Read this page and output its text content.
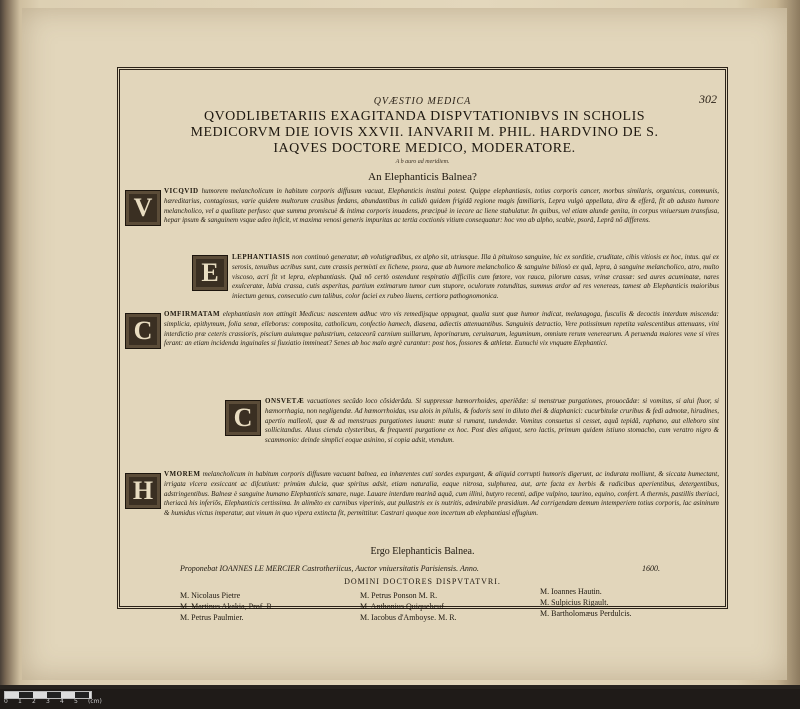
QVÆSTIO MEDICA	302
QVODLIBETARIIS EXAGITANDA DISPVTATIONIBVS IN SCHOLIS
MEDICORVM DIE IOVIS XXVII. IANVARII M. PHIL. HARDVINO DE S.
IAQVES DOCTORE MEDICO, MODERATORE.
A b auro ad meridiem.
An Elephanticis Balnea?
V
VICQVID humorem melancholicum in habitum corporis diffusum vacuat, Elephanticis institui potest. Quippe elephantiasis, totius corporis cancer, morbus similaris, organicus, communis, hæreditarius, contagiosus, varie quidem multorum crasibus fœdans, abundantibus in calidò quidem frigidâ regione magis familiaris, Lepra vulgò appellata, dira & efferâ, fit ab adusto humore melancholico, vel a qualitate perfuso: quæ summa promiscuè & intima corporis inuadens, præcipuè in iecore ac liene stabulatur. In quibus, vel etiam alunde genita, in corpus vniuersum transfusa, hepar ipsum & sanguinem vsque adeo inficit, vt maxima venosi generis impuritas ac tertia coctionis vitium consequatur: hoc vno ab alpho, scabie, psorâ, Leprâ nõ differens.
E
LEPHANTIASIS non continuò generatur, ab volutigradibus, ex alpho sit, utriusque. Illa à pituitoso sanguine, hic ex sorditie, cruditate, cibis vitiosis ex hoc, intus. qui ex serosis, tenuibus acribus sunt, cum crassis permixti ex lichene, psora, quæ ab humore melancholico & sanguine biliosò ex quâ, lepra, à sanguine melancholico, atro, multo viscoso, acri fit vt lepra, elephantiasis. Quâ nõ certò ostendunt respiratio difficilis cum fœtore, vox rauca, pilorum casus, vrinæ crassæ: sed aures acuminatæ, nares exulceratæ, labia crassa, cutis asperitas, partium extimarum tumor cum stupore, oculorum rotunditas, summus ardor ad res venereas, tamest ab Elephanticis maioribus iniectum genus, consecutio cum talibus, color faciei ex rubeo liuens, certiora pathognomonica.
C
OMFIRMATAM elephantiasin non attingit Medicus: nascentem adhuc vtro vis remedijsque oppugnat, qualia sunt quæ humor indicat, melanagoga, fusculis & decoctis interdum miscenda: simplicia, epithymum, folia senæ, elleborus: composita, catholicum, confectio hamech, diasena, adiectis attenuantibus. Sanguinis detractio, Vere potissimum repetita valescentibus attenuans, vini interdictio præ ceteris crassioris, piscium auiumque palustrium, cetaceorũ carnium suillarum, leporinarum, ceruinarum, leguminum, omnium rerum venerearum. A peruenda maiores vene si vires ferant: an etiam incidenda inguinales si fiuxiatio immineat? Senes ab hoc malo ægrè curantur: post hos, fossores & athletæ. Eunuchi vix vnquam Elephantici.
C
ONSVETÆ vacuationes secũdo loco cõsiderãda. Si suppressæ hæmorrhoides, aperiẽdæ: si menstruæ purgationes, prouocãdæ: si vomitus, si alui fluor, si hæmorrhagia, non negligendæ. Ad hæmorrhoidas, vsu alois in pilulis, & fodoris seni in diluto thei & diaphanici: cucurbitulæ cruribus & fedi admotæ, hirudines, apertio malleoli, quæ & ad menstruas purgationes iuuant: mutæ si rumant, tundendæ. Vomitus consuetus si cesset, aquâ tepidâ, raphano, aut elleboro sint sollicitandus. Aluus cienda clysteribus, & frequenti purgatione ex hoc. Post dies aliquot, sero lactis, primum quidem istiuno stomacho, cum veratro nigro & scammonio: deinde simplici eoque asinino, si copia adsit, vtendum.
H
VMOREM melancholicum in habitum corporis diffusum vacuant balnea, ea inhærentes cuti sordes expurgant, & aliquid corrupti humoris digerunt, ac indurata molliunt, & siccata humectant, irrigata vlcera exsiccant ac difcutiunt: primùm dulcia, quæ spiritus adsit, etiam naturalia, eaque nitrosa, sulphurea, aut, arte facta ex herbis & radicibus aperientibus, detergentibus, adstringentibus. Balneæ è sanguine humano Elephanticis sanare, nuge. Lauare interdum marinâ aquâ, cum illini, butyro recenti, adipe vulpino, taurino, equino, confert. A thermis, pastillis theriaci, theriacà his inferiõs, Elephanticis certissima. In alimẽto ex carnibus viperinis, aut pullastris ex is nutritis, admirabile præsidium. Ad corrigendam demum intemperiem totius corporis, lac asininum & humidus victus imperatur, aut vinum in quo vipera extincta fit, permittitur. Castrari quoque non incertum ab elephantiasi effugium.
Ergo Elephanticis Balnea.
Proponebat IOANNES LE MERCIER Castrotheriicus, Auctor vniuersitatis Parisiensis. Anno.	1600.
DOMINI DOCTORES DISPVTATVRI.
M. Nicolaus Pietre
M. Martinus Akakia, Prof. R.
M. Petrus Paulmier.
M. Petrus Ponson M. R.
M. Anthonius Quiquebeuf.
M. Iacobus d'Amboyse. M. R.
M. Ioannes Hautin.
M. Sulpicius Rigault.
M. Bartholomæus Perdulcis.
0 1 2 3 4 5 (cm)
